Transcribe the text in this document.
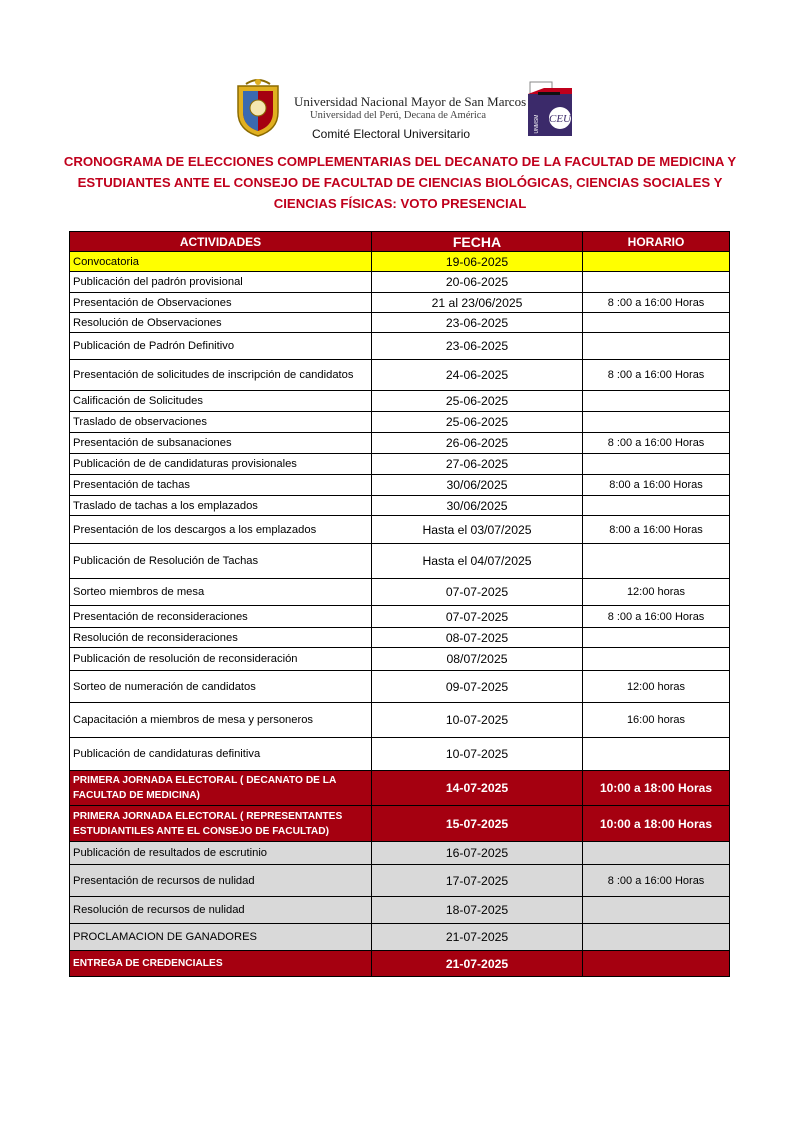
Universidad Nacional Mayor de San Marcos
Universidad del Perú, Decana de América
Comité Electoral Universitario
CEU
UNMSM
CRONOGRAMA DE ELECCIONES COMPLEMENTARIAS DEL DECANATO DE LA FACULTAD DE MEDICINA Y ESTUDIANTES ANTE EL CONSEJO DE FACULTAD DE CIENCIAS BIOLÓGICAS, CIENCIAS SOCIALES Y CIENCIAS FÍSICAS: VOTO PRESENCIAL
ACTIVIDADES	FECHA	HORARIO
Convocatoria	19-06-2025	
Publicación del padrón provisional	20-06-2025	
Presentación de Observaciones	21 al 23/06/2025	8 :00 a 16:00 Horas
Resolución de Observaciones	23-06-2025	
Publicación de Padrón Definitivo	23-06-2025	
Presentación de solicitudes de inscripción de candidatos	24-06-2025	8 :00 a 16:00 Horas
Calificación de Solicitudes	25-06-2025	
Traslado de observaciones	25-06-2025	
Presentación de subsanaciones	26-06-2025	8 :00 a 16:00 Horas
Publicación de de candidaturas provisionales	27-06-2025	
Presentación de tachas	30/06/2025	8:00 a 16:00 Horas
Traslado de tachas a los emplazados	30/06/2025	
Presentación de los descargos a los emplazados	Hasta el 03/07/2025	8:00 a 16:00 Horas
Publicación de Resolución de Tachas	Hasta el 04/07/2025	
Sorteo miembros de mesa	07-07-2025	12:00 horas
Presentación de reconsideraciones	07-07-2025	8 :00 a 16:00 Horas
Resolución de reconsideraciones	08-07-2025	
Publicación de resolución de reconsideración	08/07/2025	
Sorteo de numeración de candidatos	09-07-2025	12:00 horas
Capacitación a miembros de mesa y personeros	10-07-2025	16:00 horas
Publicación de candidaturas definitiva	10-07-2025	
PRIMERA JORNADA ELECTORAL ( DECANATO DE LA FACULTAD DE MEDICINA)	14-07-2025	10:00 a 18:00 Horas
PRIMERA JORNADA ELECTORAL ( REPRESENTANTES ESTUDIANTILES ANTE EL CONSEJO DE FACULTAD)	15-07-2025	10:00 a 18:00 Horas
Publicación de resultados de escrutinio	16-07-2025	
Presentación de recursos de nulidad	17-07-2025	8 :00 a 16:00 Horas
Resolución de recursos de nulidad	18-07-2025	
PROCLAMACION DE GANADORES	21-07-2025	
ENTREGA DE CREDENCIALES	21-07-2025	
